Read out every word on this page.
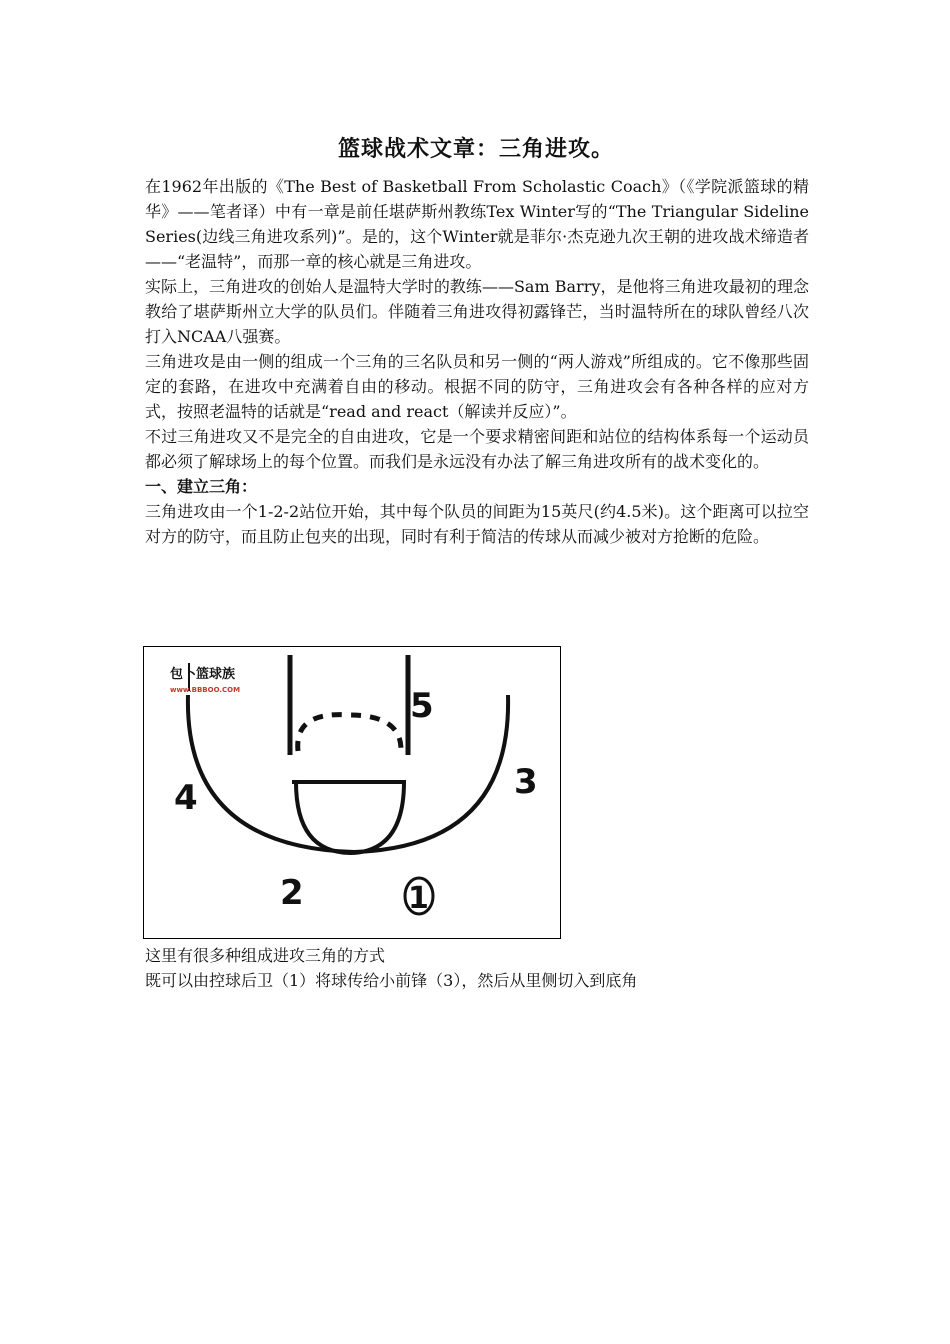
篮球战术文章：三角进攻。

在1962年出版的《The Best of Basketball From Scholastic Coach》（《学院派篮球的精华》——笔者译）中有一章是前任堪萨斯州教练Tex Winter写的“The Triangular Sideline Series(边线三角进攻系列)”。是的，这个Winter就是菲尔·杰克逊九次王朝的进攻战术缔造者——“老温特”，而那一章的核心就是三角进攻。

实际上，三角进攻的创始人是温特大学时的教练——Sam Barry，是他将三角进攻最初的理念教给了堪萨斯州立大学的队员们。伴随着三角进攻得初露锋芒，当时温特所在的球队曾经八次打入NCAA八强赛。

三角进攻是由一侧的组成一个三角的三名队员和另一侧的“两人游戏”所组成的。它不像那些固定的套路，在进攻中充满着自由的移动。根据不同的防守，三角进攻会有各种各样的应对方式，按照老温特的话就是“read and react（解读并反应）”。

不过三角进攻又不是完全的自由进攻，它是一个要求精密间距和站位的结构体系每一个运动员都必须了解球场上的每个位置。而我们是永远没有办法了解三角进攻所有的战术变化的。

一、建立三角：

三角进攻由一个1-2-2站位开始，其中每个队员的间距为15英尺(约4.5米)。这个距离可以拉空对方的防守，而且防止包夹的出现，同时有利于简洁的传球从而减少被对方抢断的危险。

包卜篮球族
www.BBBOO.COM	5
4	3
2	1

这里有很多种组成进攻三角的方式

既可以由控球后卫（1）将球传给小前锋（3），然后从里侧切入到底角
